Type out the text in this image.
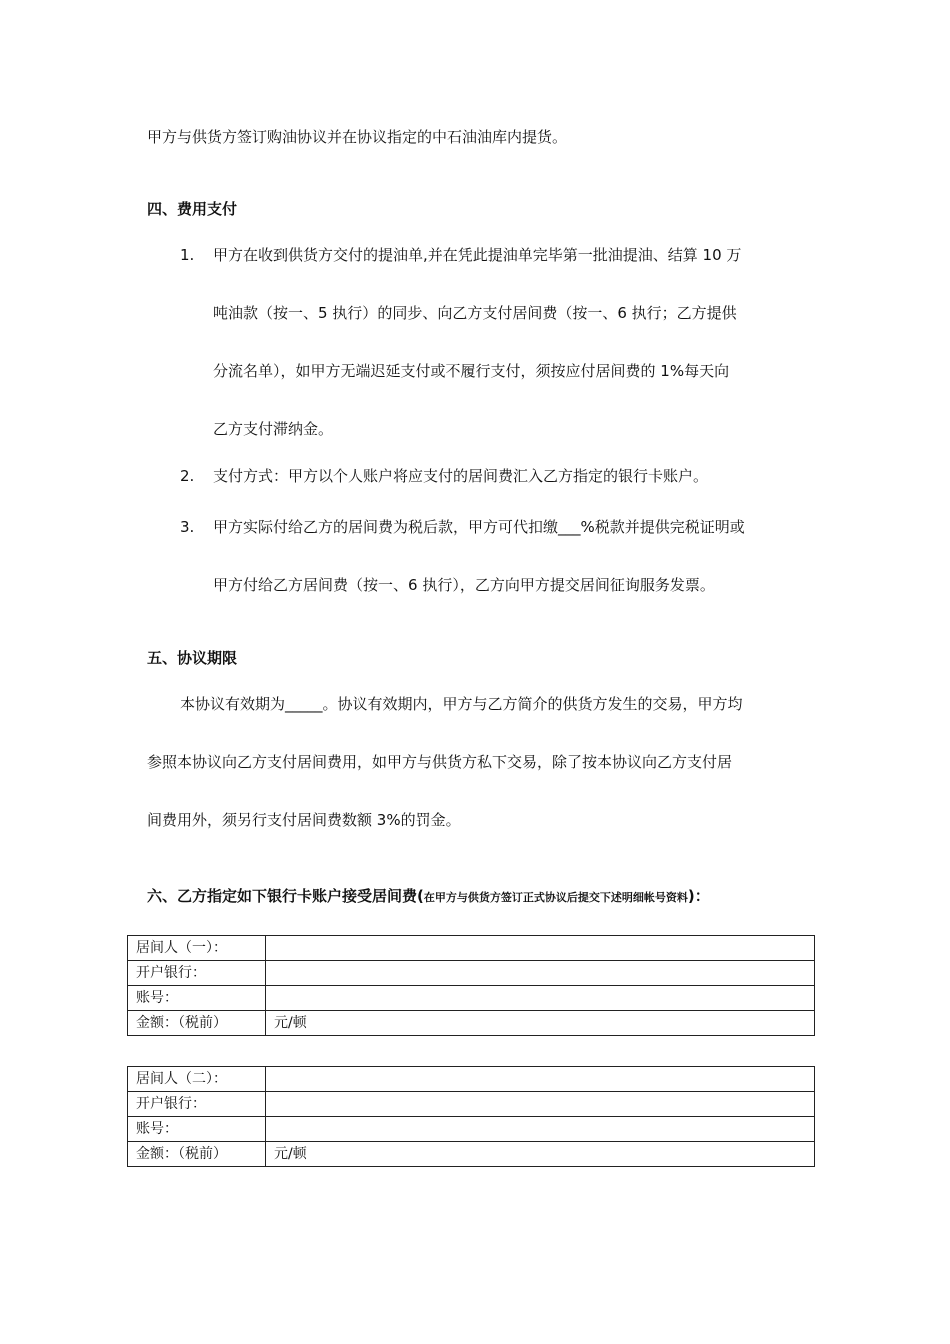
甲方与供货方签订购油协议并在协议指定的中石油油库内提货。
四、费用支付
1. 甲方在收到供货方交付的提油单,并在凭此提油单完毕第一批油提油、结算 10 万
吨油款（按一、5 执行）的同步、向乙方支付居间费（按一、6 执行；乙方提供
分流名单），如甲方无端迟延支付或不履行支付，须按应付居间费的 1%每天向
乙方支付滞纳金。
2. 支付方式：甲方以个人账户将应支付的居间费汇入乙方指定的银行卡账户。
3. 甲方实际付给乙方的居间费为税后款，甲方可代扣缴___%税款并提供完税证明或
甲方付给乙方居间费（按一、6 执行），乙方向甲方提交居间征询服务发票。
五、协议期限
本协议有效期为_____。协议有效期内，甲方与乙方简介的供货方发生的交易，甲方均
参照本协议向乙方支付居间费用，如甲方与供货方私下交易，除了按本协议向乙方支付居
间费用外，须另行支付居间费数额 3%的罚金。
六、乙方指定如下银行卡账户接受居间费(在甲方与供货方签订正式协议后提交下述明细帐号资料)：
居间人（一）：	
开户银行：	
账号：	
金额：（税前）	元/顿
居间人（二）：	
开户银行：	
账号：	
金额：（税前）	元/顿
